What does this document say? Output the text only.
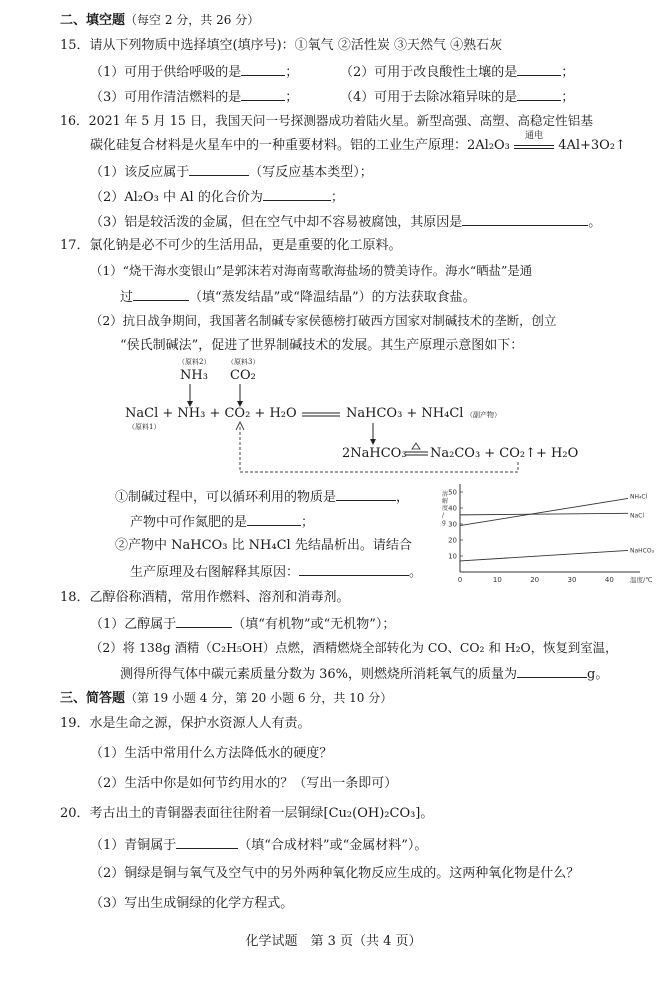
二、填空题（每空 2 分，共 26 分）
15．请从下列物质中选择填空(填序号)：①氧气 ②活性炭 ③天然气 ④熟石灰
（1）可用于供给呼吸的是	；	（2）可用于改良酸性土壤的是	；
（3）可用作清洁燃料的是	；	（4）可用于去除冰箱异味的是	；
16．2021 年 5 月 15 日，我国天问一号探测器成功着陆火星。新型高强、高塑、高稳定性铝基
碳化硅复合材料是火星车中的一种重要材料。铝的工业生产原理：2Al₂O₃
通电
4Al+3O₂↑
（1）该反应属于	（写反应基本类型）；
（2）Al₂O₃ 中 Al 的化合价为	；
（3）铝是较活泼的金属，但在空气中却不容易被腐蚀，其原因是	。
17．氯化钠是必不可少的生活用品，更是重要的化工原料。
（1）“烧干海水变银山”是郭沫若对海南莺歌海盐场的赞美诗作。海水“晒盐”是通
过	（填“蒸发结晶”或“降温结晶”）的方法获取食盐。
（2）抗日战争期间，我国著名制碱专家侯德榜打破西方国家对制碱技术的垄断，创立
“侯氏制碱法”，促进了世界制碱技术的发展。其生产原理示意图如下：
（原料2） （原料3）
NH₃ CO₂
NaCl + NH₃ + CO₂ + H₂O	NaHCO₃ + NH₄Cl （副产物）
（原料1）
2NaHCO₃ Na₂CO₃ + CO₂↑+ H₂O
①制碱过程中，可以循环利用的物质是	，
产物中可作氮肥的是	；
②产物中 NaHCO₃ 比 NH₄Cl 先结晶析出。请结合
生产原理及右图解释其原因：	。
溶解度/ g
10
20
30
40
50
0	10	20	30	40 温度/℃
NH₄Cl
NaCl
NaHCO₃
18．乙醇俗称酒精，常用作燃料、溶剂和消毒剂。
（1）乙醇属于	（填“有机物”或“无机物”）；
（2）将 138g 酒精（C₂H₅OH）点燃，酒精燃烧全部转化为 CO、CO₂ 和 H₂O，恢复到室温，
测得所得气体中碳元素质量分数为 36%，则燃烧所消耗氧气的质量为	g。
三、简答题（第 19 小题 4 分，第 20 小题 6 分，共 10 分）
19．水是生命之源，保护水资源人人有责。
（1）生活中常用什么方法降低水的硬度？
（2）生活中你是如何节约用水的？（写出一条即可）
20．考古出土的青铜器表面往往附着一层铜绿[Cu₂(OH)₂CO₃]。
（1）青铜属于	（填“合成材料”或“金属材料”）。
（2）铜绿是铜与氧气及空气中的另外两种氧化物反应生成的。这两种氧化物是什么？
（3）写出生成铜绿的化学方程式。
化学试题　第 3 页（共 4 页）
